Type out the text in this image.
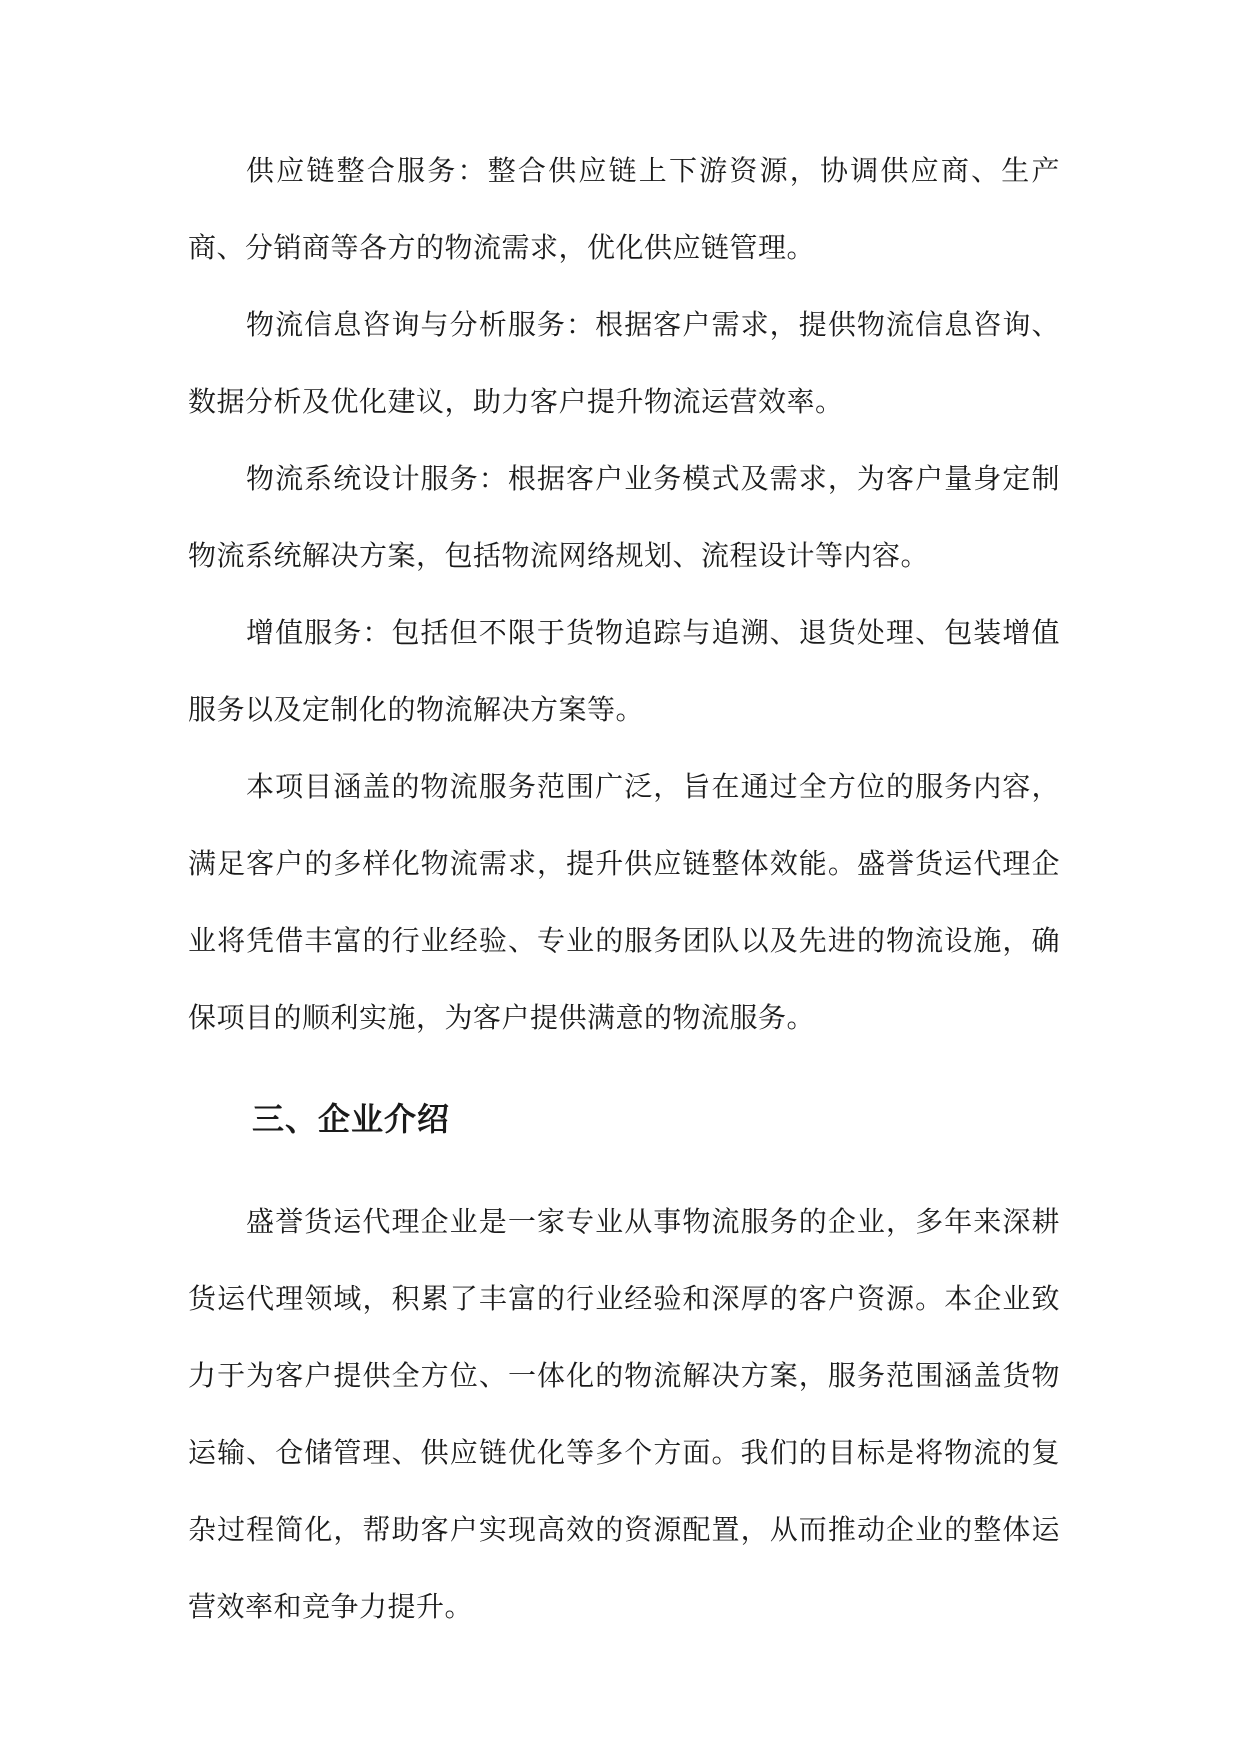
供应链整合服务：整合供应链上下游资源，协调供应商、生产商、分销商等各方的物流需求，优化供应链管理。

物流信息咨询与分析服务：根据客户需求，提供物流信息咨询、数据分析及优化建议，助力客户提升物流运营效率。

物流系统设计服务：根据客户业务模式及需求，为客户量身定制物流系统解决方案，包括物流网络规划、流程设计等内容。

增值服务：包括但不限于货物追踪与追溯、退货处理、包装增值服务以及定制化的物流解决方案等。

本项目涵盖的物流服务范围广泛，旨在通过全方位的服务内容，满足客户的多样化物流需求，提升供应链整体效能。盛誉货运代理企业将凭借丰富的行业经验、专业的服务团队以及先进的物流设施，确保项目的顺利实施，为客户提供满意的物流服务。

三、企业介绍

盛誉货运代理企业是一家专业从事物流服务的企业，多年来深耕货运代理领域，积累了丰富的行业经验和深厚的客户资源。本企业致力于为客户提供全方位、一体化的物流解决方案，服务范围涵盖货物运输、仓储管理、供应链优化等多个方面。我们的目标是将物流的复杂过程简化，帮助客户实现高效的资源配置，从而推动企业的整体运营效率和竞争力提升。
